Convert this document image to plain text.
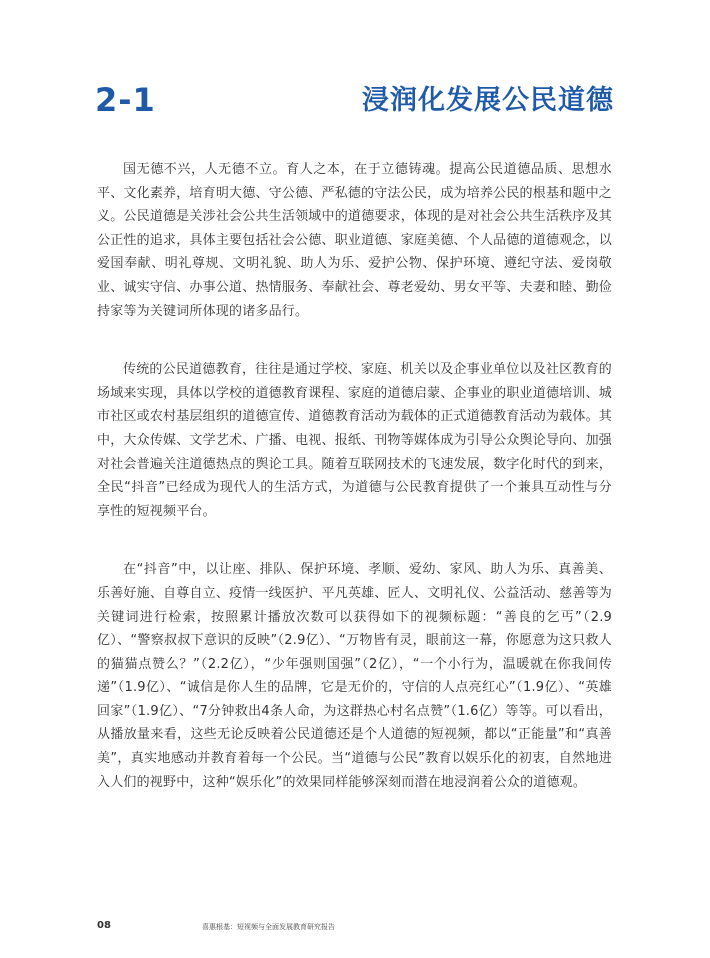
2-1	浸润化发展公民道德

国无德不兴，人无德不立。育人之本，在于立德铸魂。提高公民道德品质、思想水平、文化素养，培育明大德、守公德、严私德的守法公民，成为培养公民的根基和题中之义。公民道德是关涉社会公共生活领域中的道德要求，体现的是对社会公共生活秩序及其公正性的追求，具体主要包括社会公德、职业道德、家庭美德、个人品德的道德观念，以爱国奉献、明礼尊规、文明礼貌、助人为乐、爱护公物、保护环境、遵纪守法、爱岗敬业、诚实守信、办事公道、热情服务、奉献社会、尊老爱幼、男女平等、夫妻和睦、勤俭持家等为关键词所体现的诸多品行。

传统的公民道德教育，往往是通过学校、家庭、机关以及企事业单位以及社区教育的场域来实现，具体以学校的道德教育课程、家庭的道德启蒙、企事业的职业道德培训、城市社区或农村基层组织的道德宣传、道德教育活动为载体的正式道德教育活动为载体。其中，大众传媒、文学艺术、广播、电视、报纸、刊物等媒体成为引导公众舆论导向、加强对社会普遍关注道德热点的舆论工具。随着互联网技术的飞速发展，数字化时代的到来，全民“抖音”已经成为现代人的生活方式，为道德与公民教育提供了一个兼具互动性与分享性的短视频平台。

在“抖音”中，以让座、排队、保护环境、孝顺、爱幼、家风、助人为乐、真善美、乐善好施、自尊自立、疫情一线医护、平凡英雄、匠人、文明礼仪、公益活动、慈善等为关键词进行检索，按照累计播放次数可以获得如下的视频标题：“善良的乞丐”（2.9亿）、“警察叔叔下意识的反映”（2.9亿）、“万物皆有灵，眼前这一幕，你愿意为这只救人的猫猫点赞么？”（2.2亿），“少年强则国强”（2亿），“一个小行为，温暖就在你我间传递”（1.9亿）、“诚信是你人生的品牌，它是无价的，守信的人点亮红心”（1.9亿）、“英雄回家”（1.9亿）、“7分钟救出4条人命，为这群热心村名点赞”（1.6亿）等等。可以看出，从播放量来看，这些无论反映着公民道德还是个人道德的短视频，都以“正能量”和“真善美”，真实地感动并教育着每一个公民。当“道德与公民”教育以娱乐化的初衷，自然地进入人们的视野中，这种“娱乐化”的效果同样能够深刻而潜在地浸润着公众的道德观。

08	喜惠根基：短视频与全面发展教育研究报告
